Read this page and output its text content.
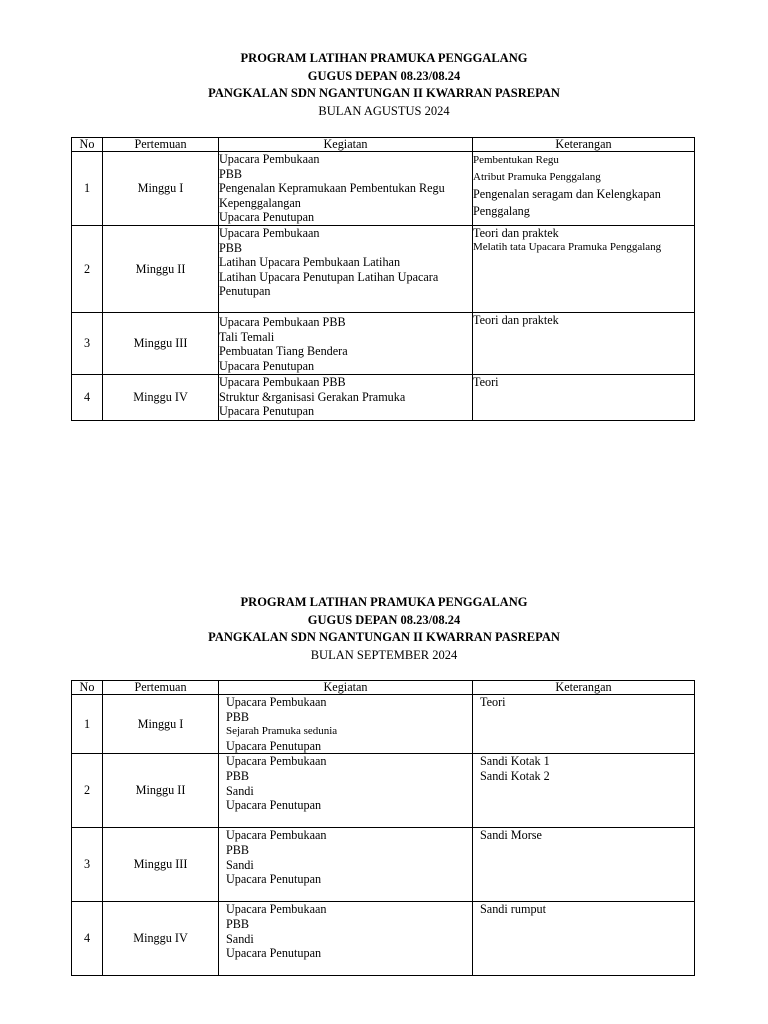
PROGRAM LATIHAN PRAMUKA PENGGALANG
GUGUS DEPAN 08.23/08.24
PANGKALAN SDN NGANTUNGAN II KWARRAN PASREPAN
BULAN AGUSTUS 2024
No	Pertemuan	Kegiatan	Keterangan
1	Minggu I	Upacara Pembukaan
PBB
Pengenalan Kepramukaan Pembentukan Regu
Kepenggalangan
Upacara Penutupan	Pembentukan Regu
Atribut Pramuka Penggalang
Pengenalan seragam dan Kelengkapan
Penggalang

2	Minggu II	Upacara Pembukaan
PBB
Latihan Upacara Pembukaan Latihan
Latihan Upacara Penutupan Latihan Upacara
Penutupan	Teori dan praktek
Melatih tata Upacara Pramuka Penggalang

3	Minggu III	Upacara Pembukaan PBB
Tali Temali
Pembuatan Tiang Bendera
Upacara Penutupan	Teori dan praktek

4	Minggu IV	Upacara Pembukaan PBB
Struktur &rganisasi Gerakan Pramuka
Upacara Penutupan	Teori
PROGRAM LATIHAN PRAMUKA PENGGALANG
GUGUS DEPAN 08.23/08.24
PANGKALAN SDN NGANTUNGAN II KWARRAN PASREPAN
BULAN SEPTEMBER 2024
No	Pertemuan	Kegiatan	Keterangan
1	Minggu I	Upacara Pembukaan
PBB
Sejarah Pramuka sedunia
Upacara Penutupan	Teori

2	Minggu II	Upacara Pembukaan
PBB
Sandi
Upacara Penutupan	Sandi Kotak 1
Sandi Kotak 2

3	Minggu III	Upacara Pembukaan
PBB
Sandi
Upacara Penutupan	Sandi Morse

4	Minggu IV	Upacara Pembukaan
PBB
Sandi
Upacara Penutupan	Sandi rumput
